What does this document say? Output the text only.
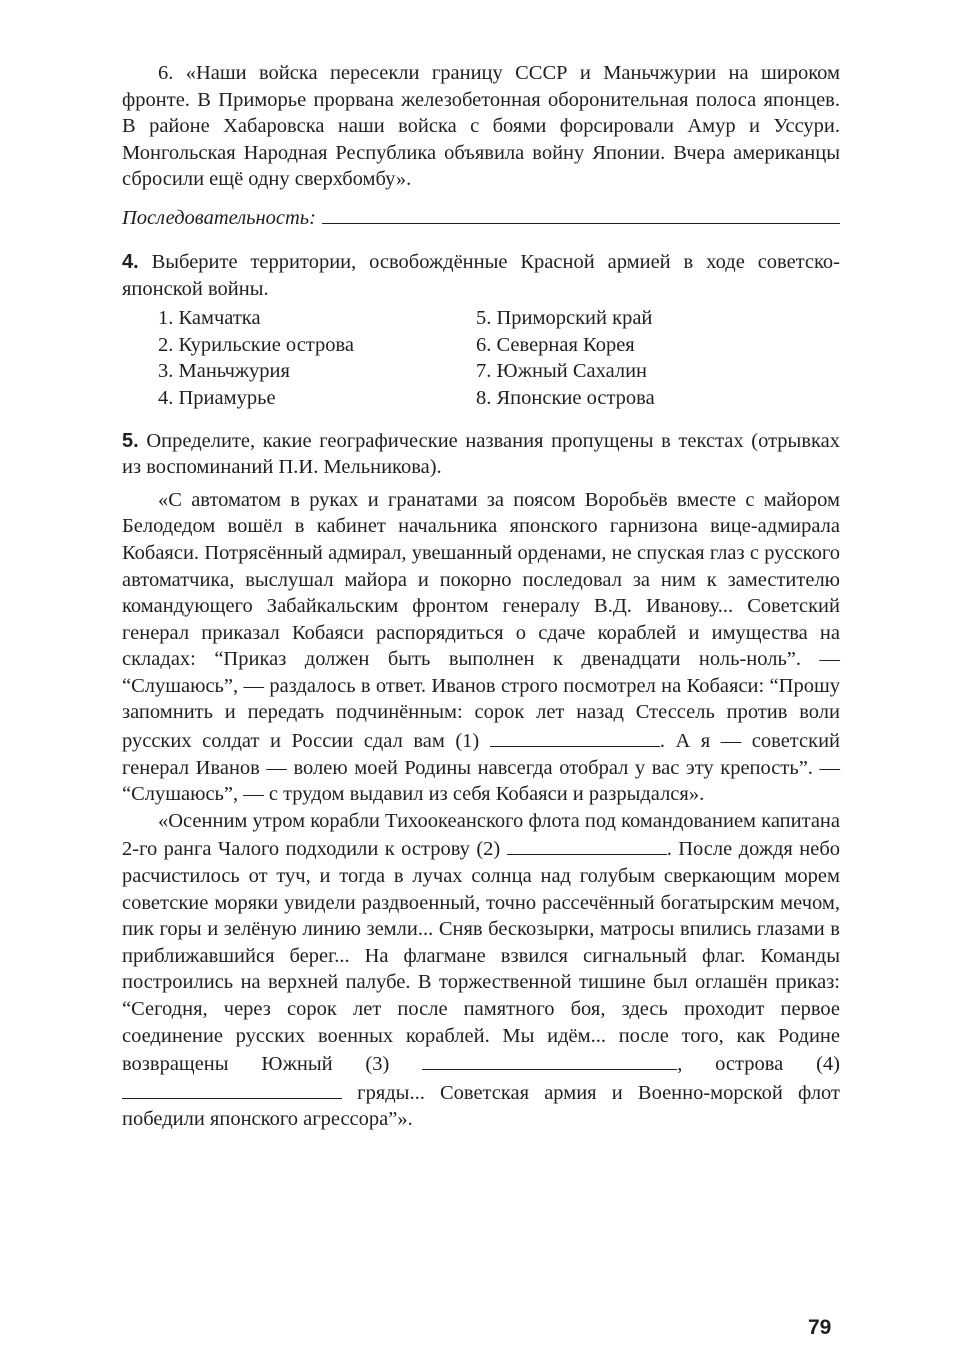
6. «Наши войска пересекли границу СССР и Маньчжурии на широком фронте. В Приморье прорвана железобетонная оборонительная полоса японцев. В районе Хабаровска наши войска с боями форсировали Амур и Уссури. Монгольская Народная Республика объявила войну Японии. Вчера американцы сбросили ещё одну сверхбомбу».

Последовательность:

4. Выберите территории, освобождённые Красной армией в ходе советско-японской войны.

1. Камчатка	5. Приморский край
2. Курильские острова	6. Северная Корея
3. Маньчжурия	7. Южный Сахалин
4. Приамурье	8. Японские острова

5. Определите, какие географические названия пропущены в текстах (отрывках из воспоминаний П.И. Мельникова).

«С автоматом в руках и гранатами за поясом Воробьёв вместе с майором Белодедом вошёл в кабинет начальника японского гарнизона вице-адмирала Кобаяси. Потрясённый адмирал, увешанный орденами, не спуская глаз с русского автоматчика, выслушал майора и покорно последовал за ним к заместителю командующего Забайкальским фронтом генералу В.Д. Иванову... Советский генерал приказал Кобаяси распорядиться о сдаче кораблей и имущества на складах: “Приказ должен быть выполнен к двенадцати ноль-ноль”. — “Слушаюсь”, — раздалось в ответ. Иванов строго посмотрел на Кобаяси: “Прошу запомнить и передать подчинённым: сорок лет назад Стессель против воли русских солдат и России сдал вам (1)	. А я — советский генерал Иванов — волею моей Родины навсегда отобрал у вас эту крепость”. — “Слушаюсь”, — с трудом выдавил из себя Кобаяси и разрыдался».

«Осенним утром корабли Тихоокеанского флота под командованием капитана 2-го ранга Чалого подходили к острову (2)	. После дождя небо расчистилось от туч, и тогда в лучах солнца над голубым сверкающим морем советские моряки увидели раздвоенный, точно рассечённый богатырским мечом, пик горы и зелёную линию земли... Сняв бескозырки, матросы впились глазами в приближавшийся берег... На флагмане взвился сигнальный флаг. Команды построились на верхней палубе. В торжественной тишине был оглашён приказ: “Сегодня, через сорок лет после памятного боя, здесь проходит первое соединение русских военных кораблей. Мы идём... после того, как Родине возвращены Южный (3)	, острова (4)  гряды... Советская армия и Военно-морской флот победили японского агрессора”».

79
